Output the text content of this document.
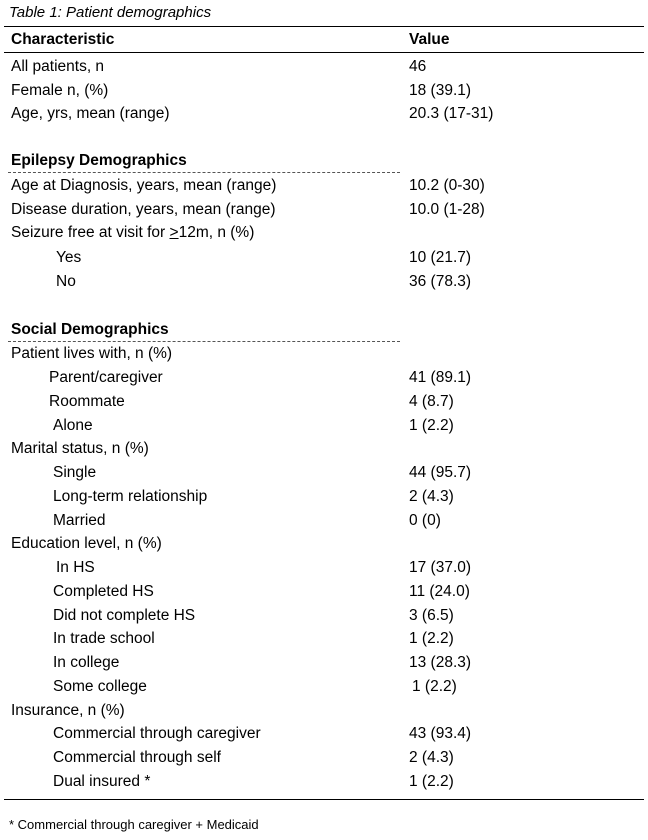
Table 1: Patient demographics
Characteristic	Value
All patients, n	46
Female n, (%)	18 (39.1)
Age, yrs, mean (range)	20.3 (17-31)
Epilepsy Demographics
Age at Diagnosis, years, mean (range)	10.2 (0-30)
Disease duration, years, mean (range)	10.0 (1-28)
Seizure free at visit for >12m, n (%)
Yes	10 (21.7)
No	36 (78.3)
Social Demographics
Patient lives with, n (%)
Parent/caregiver	41 (89.1)
Roommate	4 (8.7)
Alone	1 (2.2)
Marital status, n (%)
Single	44 (95.7)
Long-term relationship	2 (4.3)
Married	0 (0)
Education level, n (%)
In HS	17 (37.0)
Completed HS	11 (24.0)
Did not complete HS	3 (6.5)
In trade school	1 (2.2)
In college	13 (28.3)
Some college	1 (2.2)
Insurance, n (%)
Commercial through caregiver	43 (93.4)
Commercial through self	2 (4.3)
Dual insured *	1 (2.2)
* Commercial through caregiver + Medicaid
